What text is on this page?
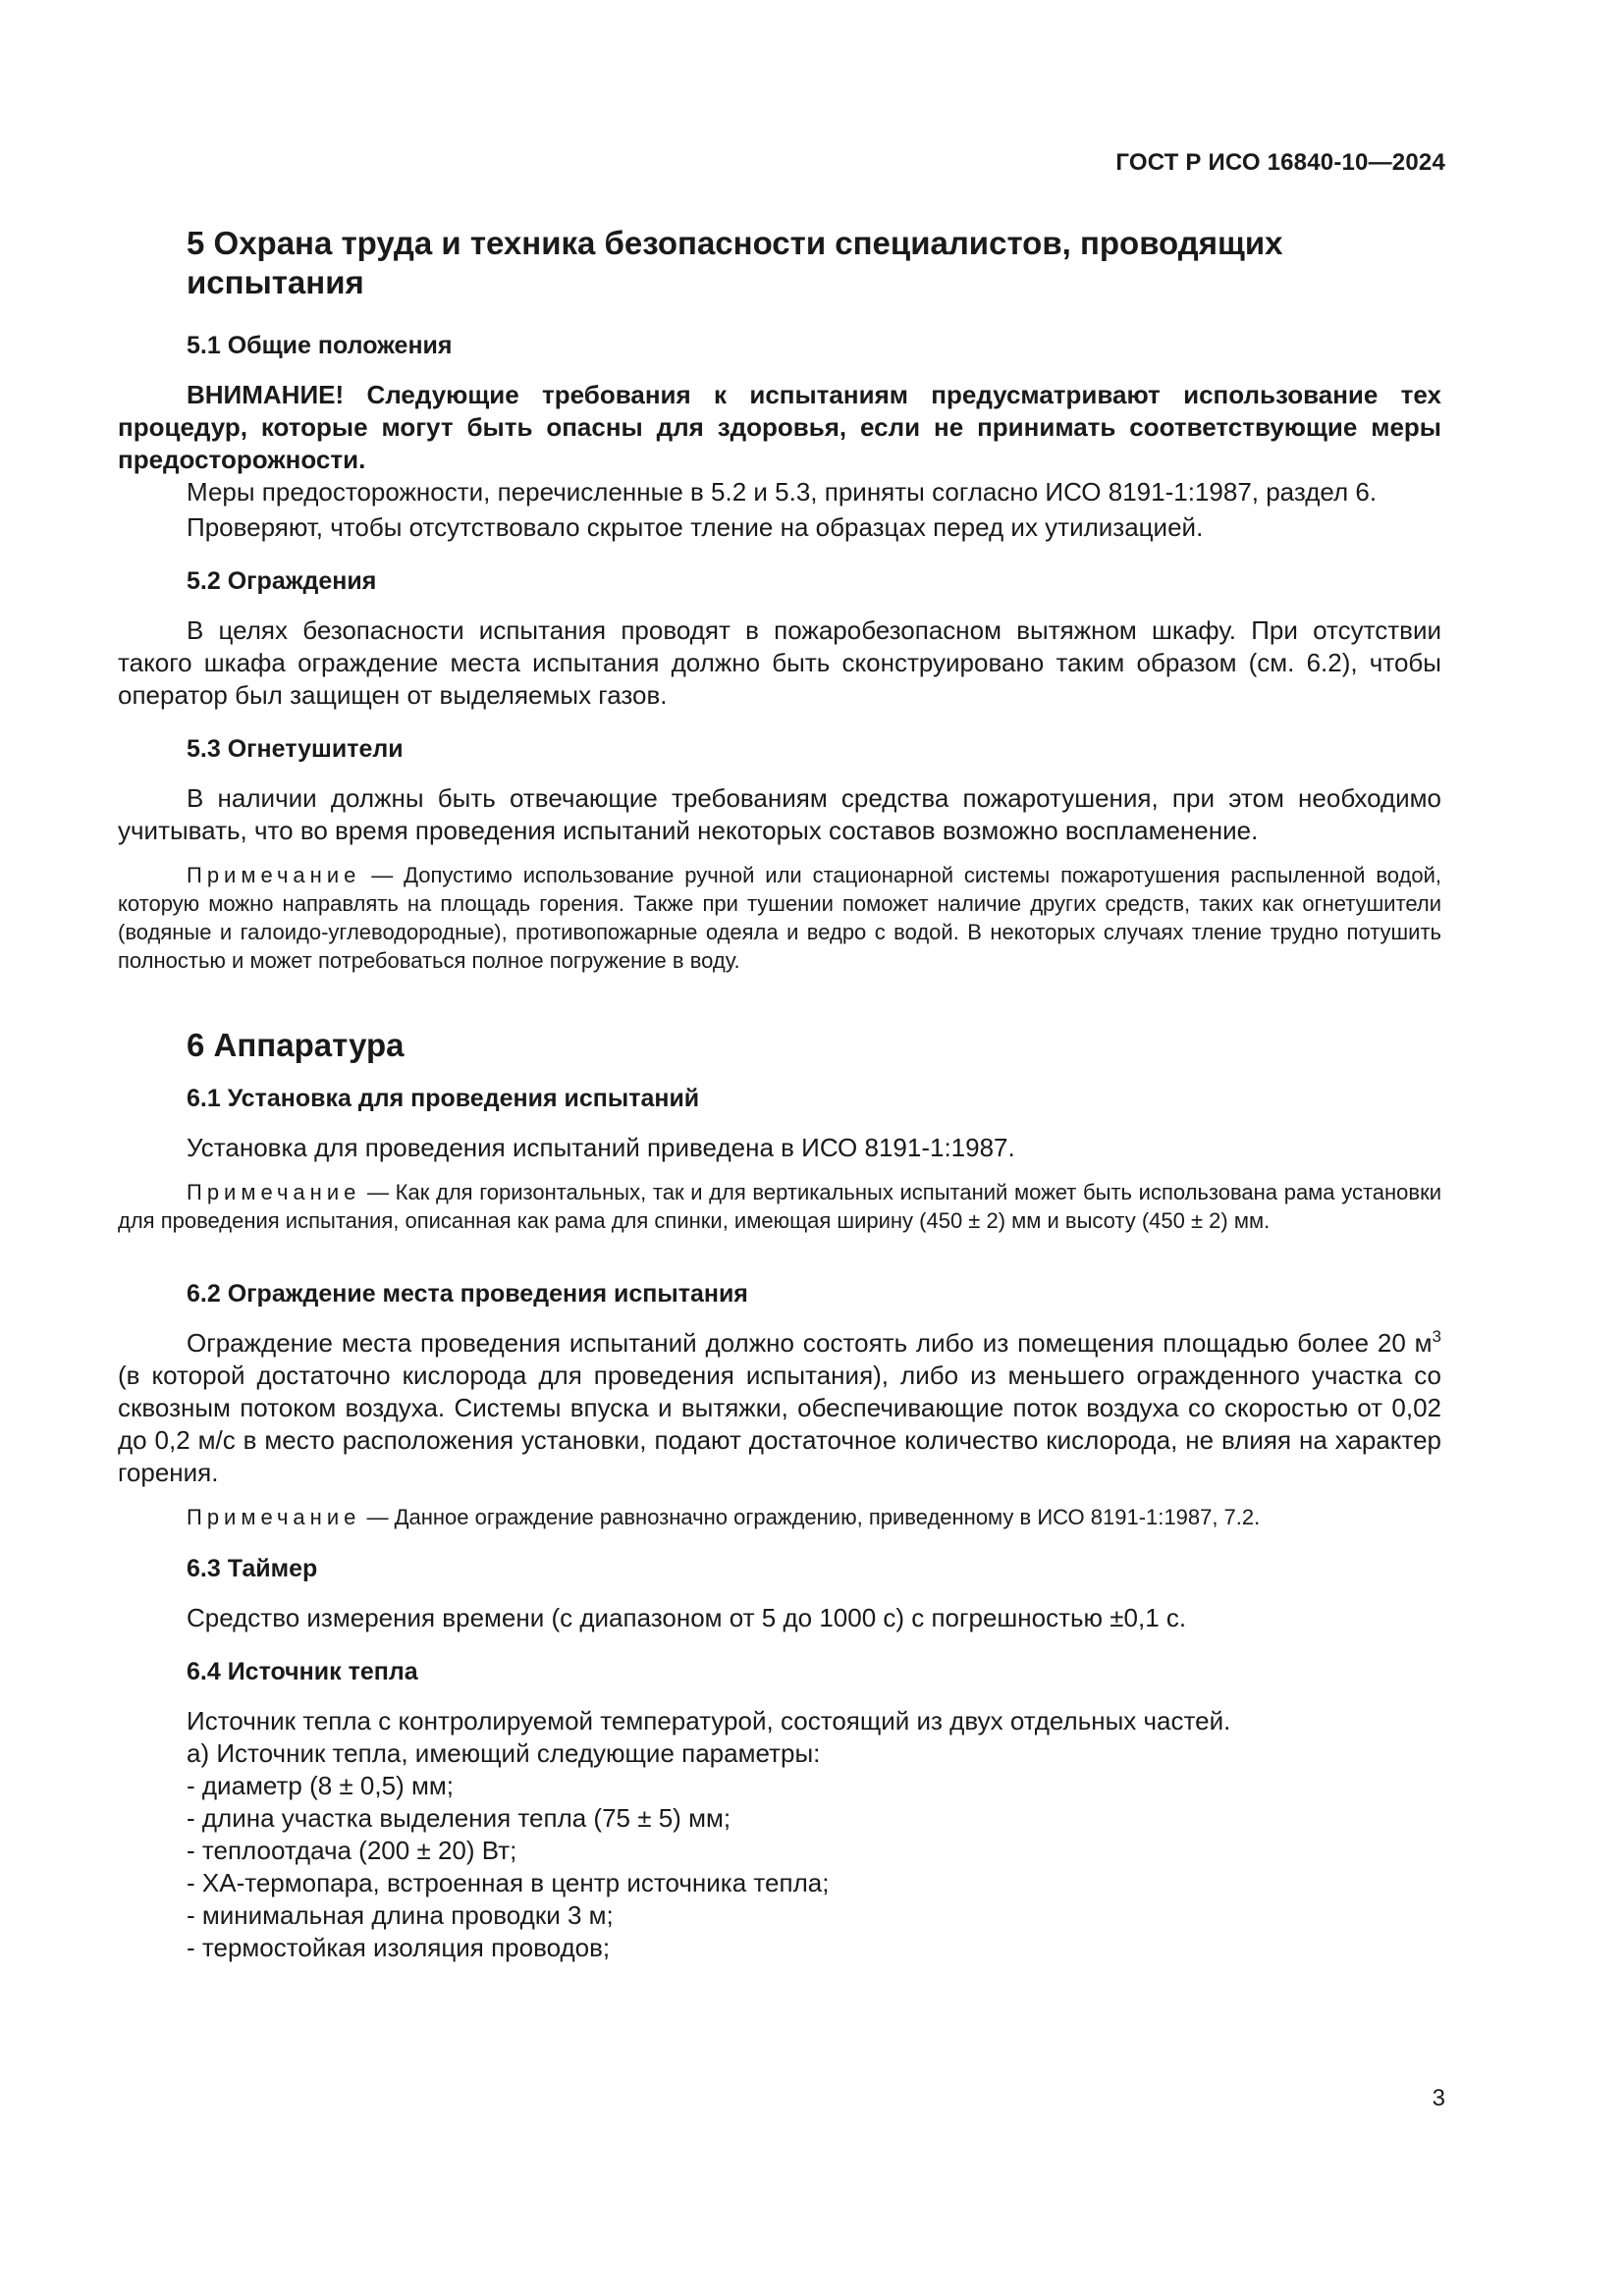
ГОСТ Р ИСО 16840-10—2024

5 Охрана труда и техника безопасности специалистов, проводящих

испытания

5.1 Общие положения

ВНИМАНИЕ! Следующие требования к испытаниям предусматривают использование тех процедур, которые могут быть опасны для здоровья, если не принимать соответствующие меры предосторожности.

Меры предосторожности, перечисленные в 5.2 и 5.3, приняты согласно ИСО 8191-1:1987, раздел 6.

Проверяют, чтобы отсутствовало скрытое тление на образцах перед их утилизацией.

5.2 Ограждения

В целях безопасности испытания проводят в пожаробезопасном вытяжном шкафу. При отсутствии такого шкафа ограждение места испытания должно быть сконструировано таким образом (см. 6.2), чтобы оператор был защищен от выделяемых газов.

5.3 Огнетушители

В наличии должны быть отвечающие требованиям средства пожаротушения, при этом необходимо учитывать, что во время проведения испытаний некоторых составов возможно воспламенение.

Примечание — Допустимо использование ручной или стационарной системы пожаротушения распыленной водой, которую можно направлять на площадь горения. Также при тушении поможет наличие других средств, таких как огнетушители (водяные и галоидо-углеводородные), противопожарные одеяла и ведро с водой. В некоторых случаях тление трудно потушить полностью и может потребоваться полное погружение в воду.

6 Аппаратура

6.1 Установка для проведения испытаний

Установка для проведения испытаний приведена в ИСО 8191-1:1987.

Примечание — Как для горизонтальных, так и для вертикальных испытаний может быть использована рама установки для проведения испытания, описанная как рама для спинки, имеющая ширину (450 ± 2) мм и высоту (450 ± 2) мм.

6.2 Ограждение места проведения испытания

Ограждение места проведения испытаний должно состоять либо из помещения площадью более 20 $м^3$ (в которой достаточно кислорода для проведения испытания), либо из меньшего огражденного участка со сквозным потоком воздуха. Системы впуска и вытяжки, обеспечивающие поток воздуха со скоростью от 0,02 до 0,2 м/с в место расположения установки, подают достаточное количество кислорода, не влияя на характер горения.

Примечание — Данное ограждение равнозначно ограждению, приведенному в ИСО 8191-1:1987, 7.2.

6.3 Таймер

Средство измерения времени (с диапазоном от 5 до 1000 с) с погрешностью ±0,1 с.

6.4 Источник тепла

Источник тепла с контролируемой температурой, состоящий из двух отдельных частей.

а) Источник тепла, имеющий следующие параметры:

- диаметр (8 ± 0,5) мм;

- длина участка выделения тепла (75 ± 5) мм;

- теплоотдача (200 ± 20) Вт;

- ХА-термопара, встроенная в центр источника тепла;

- минимальная длина проводки 3 м;

- термостойкая изоляция проводов;

3
